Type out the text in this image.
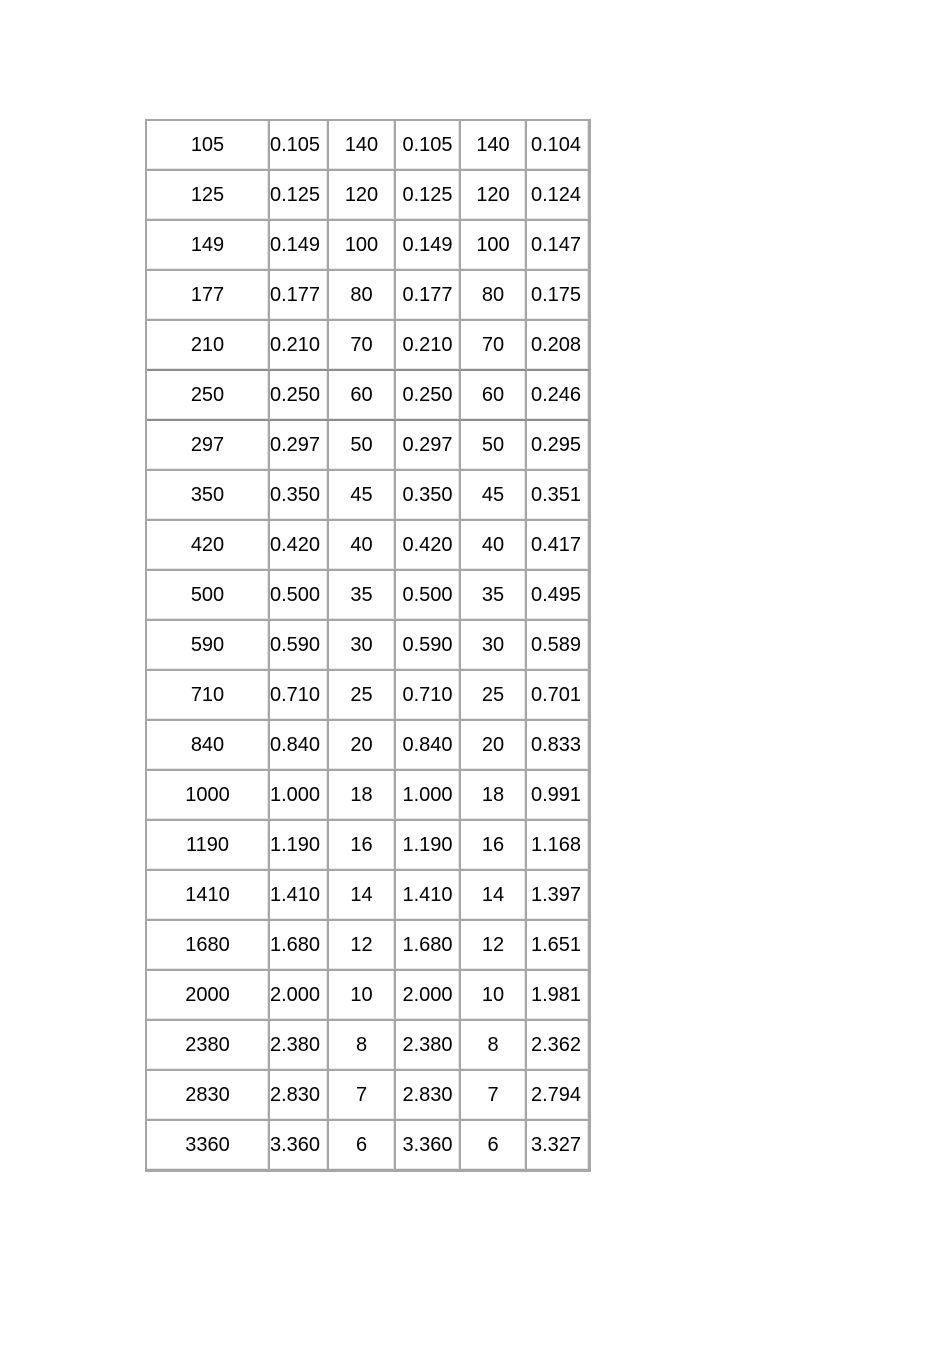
105	0.105	140	0.105	140	0.104
125	0.125	120	0.125	120	0.124
149	0.149	100	0.149	100	0.147
177	0.177	80	0.177	80	0.175
210	0.210	70	0.210	70	0.208
250	0.250	60	0.250	60	0.246
297	0.297	50	0.297	50	0.295
350	0.350	45	0.350	45	0.351
420	0.420	40	0.420	40	0.417
500	0.500	35	0.500	35	0.495
590	0.590	30	0.590	30	0.589
710	0.710	25	0.710	25	0.701
840	0.840	20	0.840	20	0.833
1000	1.000	18	1.000	18	0.991
1190	1.190	16	1.190	16	1.168
1410	1.410	14	1.410	14	1.397
1680	1.680	12	1.680	12	1.651
2000	2.000	10	2.000	10	1.981
2380	2.380	8	2.380	8	2.362
2830	2.830	7	2.830	7	2.794
3360	3.360	6	3.360	6	3.327
